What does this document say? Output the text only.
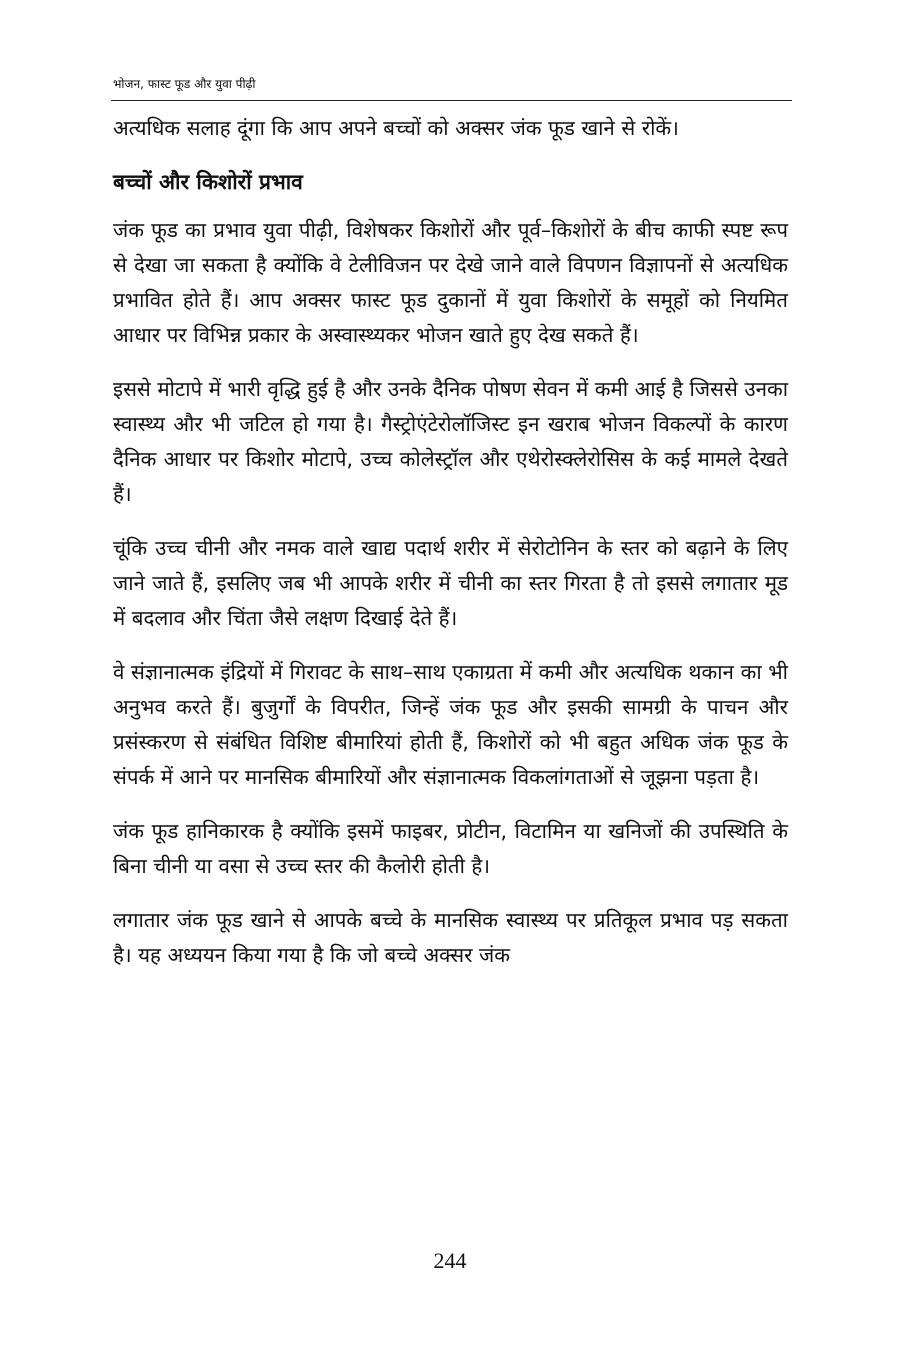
भोजन, फास्ट फूड और युवा पीढ़ी

अत्यधिक सलाह दूंगा कि आप अपने बच्चों को अक्सर जंक फूड खाने से रोकें।

बच्चों और किशोरों प्रभाव

जंक फूड का प्रभाव युवा पीढ़ी, विशेषकर किशोरों और पूर्व–किशोरों के बीच काफी स्पष्ट रूप से देखा जा सकता है क्योंकि वे टेलीविजन पर देखे जाने वाले विपणन विज्ञापनों से अत्यधिक प्रभावित होते हैं। आप अक्सर फास्ट फूड दुकानों में युवा किशोरों के समूहों को नियमित आधार पर विभिन्न प्रकार के अस्वास्थ्यकर भोजन खाते हुए देख सकते हैं।

इससे मोटापे में भारी वृद्धि हुई है और उनके दैनिक पोषण सेवन में कमी आई है जिससे उनका स्वास्थ्य और भी जटिल हो गया है। गैस्ट्रोएंटेरोलॉजिस्ट इन खराब भोजन विकल्पों के कारण दैनिक आधार पर किशोर मोटापे, उच्च कोलेस्ट्रॉल और एथेरोस्क्लेरोसिस के कई मामले देखते हैं।

चूंकि उच्च चीनी और नमक वाले खाद्य पदार्थ शरीर में सेरोटोनिन के स्तर को बढ़ाने के लिए जाने जाते हैं, इसलिए जब भी आपके शरीर में चीनी का स्तर गिरता है तो इससे लगातार मूड में बदलाव और चिंता जैसे लक्षण दिखाई देते हैं।

वे संज्ञानात्मक इंद्रियों में गिरावट के साथ–साथ एकाग्रता में कमी और अत्यधिक थकान का भी अनुभव करते हैं। बुजुर्गों के विपरीत, जिन्हें जंक फूड और इसकी सामग्री के पाचन और प्रसंस्करण से संबंधित विशिष्ट बीमारियां होती हैं, किशोरों को भी बहुत अधिक जंक फूड के संपर्क में आने पर मानसिक बीमारियों और संज्ञानात्मक विकलांगताओं से जूझना पड़ता है।

जंक फूड हानिकारक है क्योंकि इसमें फाइबर, प्रोटीन, विटामिन या खनिजों की उपस्थिति के बिना चीनी या वसा से उच्च स्तर की कैलोरी होती है।

लगातार जंक फूड खाने से आपके बच्चे के मानसिक स्वास्थ्य पर प्रतिकूल प्रभाव पड़ सकता है। यह अध्ययन किया गया है कि जो बच्चे अक्सर जंक

244
